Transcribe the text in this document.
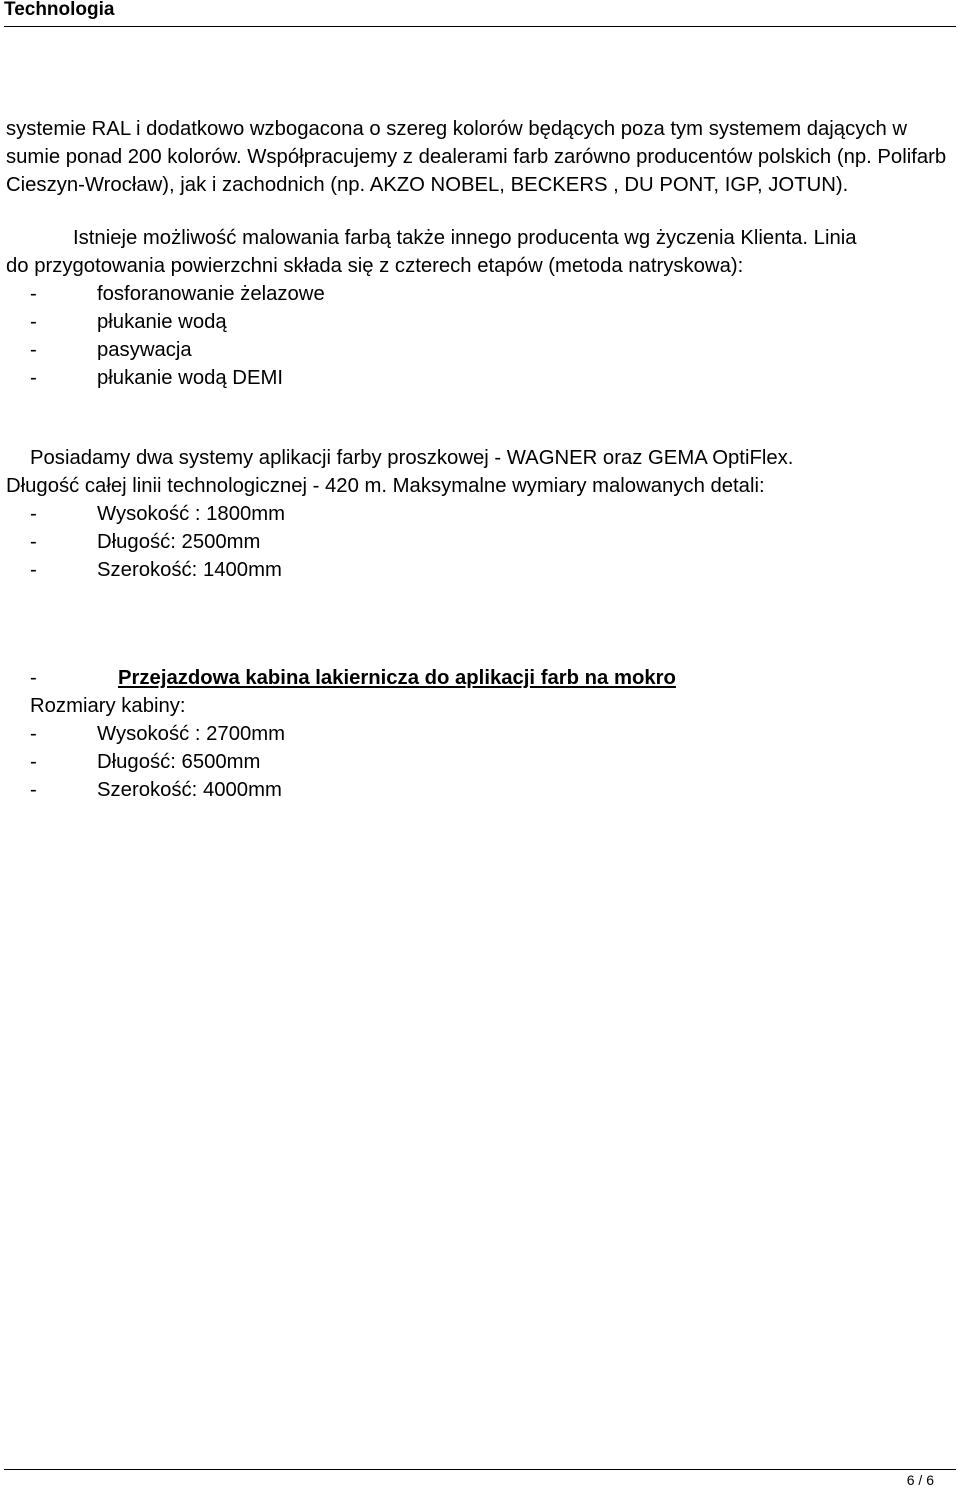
Technologia

systemie RAL i dodatkowo wzbogacona o szereg kolorów będących poza tym systemem dających w sumie ponad 200 kolorów. Współpracujemy z dealerami farb zarówno producentów polskich (np. Polifarb Cieszyn-Wrocław), jak i zachodnich (np. AKZO NOBEL, BECKERS , DU PONT, IGP, JOTUN).

Istnieje możliwość malowania farbą także innego producenta wg życzenia Klienta. Linia
do przygotowania powierzchni składa się z czterech etapów (metoda natryskowa):
-	fosforanowanie żelazowe
-	płukanie wodą
-	pasywacja
-	płukanie wodą DEMI
Posiadamy dwa systemy aplikacji farby proszkowej - WAGNER oraz GEMA OptiFlex.
Długość całej linii technologicznej - 420 m. Maksymalne wymiary malowanych detali:
-	Wysokość : 1800mm
-	Długość: 2500mm
-	Szerokość: 1400mm
-	Przejazdowa kabina lakiernicza do aplikacji farb na mokro
Rozmiary kabiny:
-	Wysokość : 2700mm
-	Długość: 6500mm
-	Szerokość: 4000mm
6 / 6
